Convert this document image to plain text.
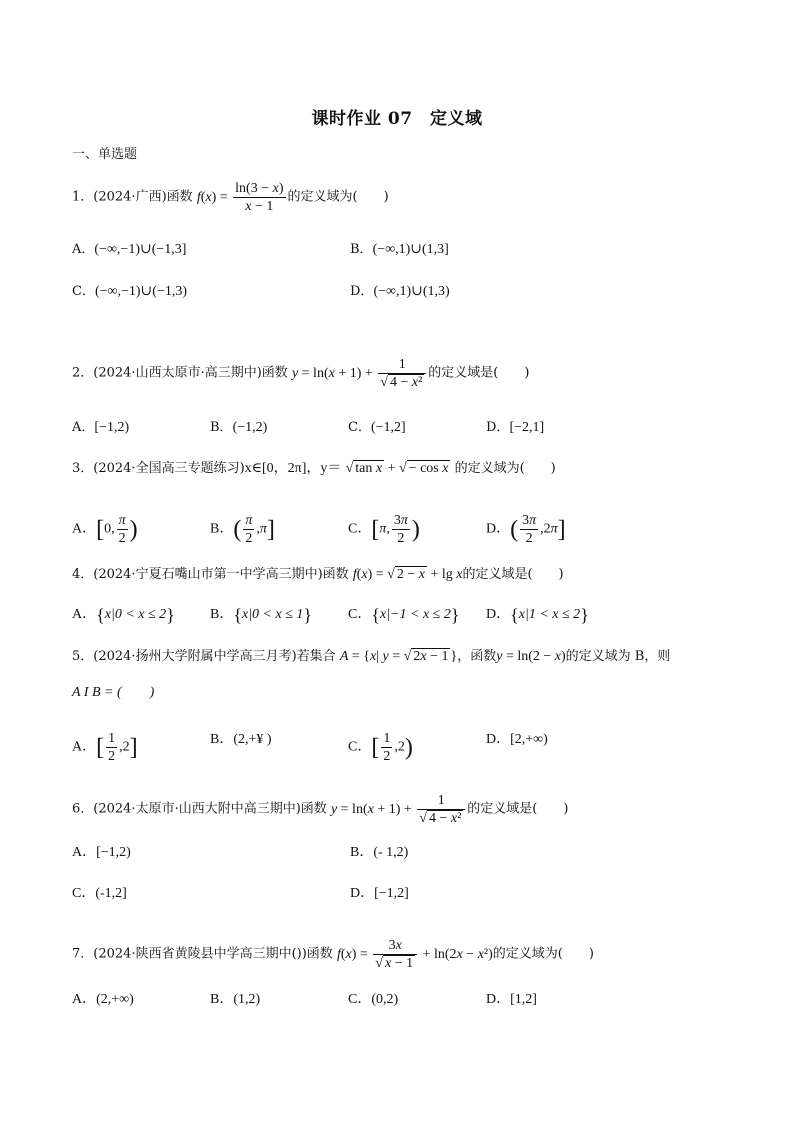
课时作业 07　定义域
一、单选题
1．(2024·广西)函数 $f(x) = \frac{\ln(3 - x)}{x - 1}$ 的定义域为(　　)
A．(−∞,−1)∪(−1,3]	B．(−∞,1)∪(1,3]
C．(−∞,−1)∪(−1,3)	D．(−∞,1)∪(1,3)
2．(2024·山西太原市·高三期中)函数 $y = \ln(x + 1) + \frac{1}{\text{√ 4 − x²}}$ 的定义域是(　　)
A．[−1,2)	B．(−1,2)	C．(−1,2]	D．[−2,1]
3．(2024·全国高三专题练习)x∈[0，2π]，y＝ √ tan x + √ − cos x 的定义域为(　　)
A．[0, $\frac{\pi}{2}$ )	B．( $\frac{\pi}{2} ,\pi$]	C．[π, $\frac{3\pi}{2}$ )	D．( $\frac{3\pi}{2} ,2\pi$]
4．(2024·宁夏石嘴山市第一中学高三期中)函数 f(x) = √ 2 − x + lg x的定义域是(　　)
A．{x|0 < x ≤ 2}	B．{x|0 < x ≤ 1}	C．{x|−1 < x ≤ 2} D．{x|1 < x ≤ 2}
5．(2024·扬州大学附属中学高三月考)若集合 A = {x| y = √ 2x − 1 }，函数y = ln(2 − x)的定义域为 B，则
A I B = (　　)
A．[ $\frac{1}{2} ,2$]	B．(2,+¥ )
C．[ $\frac{1}{2} ,2$)	D．[2,+∞)
6．(2024·太原市·山西大附中高三期中)函数 $y = \ln(x + 1) + \frac{1}{\text{√ 4 − x²}}$ 的定义域是(　　)
A．[−1,2)	B．(- 1,2)
C．(-1,2]	D．[−1,2]
7．(2024·陕西省黄陵县中学高三期中())函数 $f(x) = \frac{3x}{√ x - 1} + \ln(2x - x^2)$的定义域为(　　)
A．(2,+∞)	B．(1,2)	C．(0,2)	D．[1,2]
